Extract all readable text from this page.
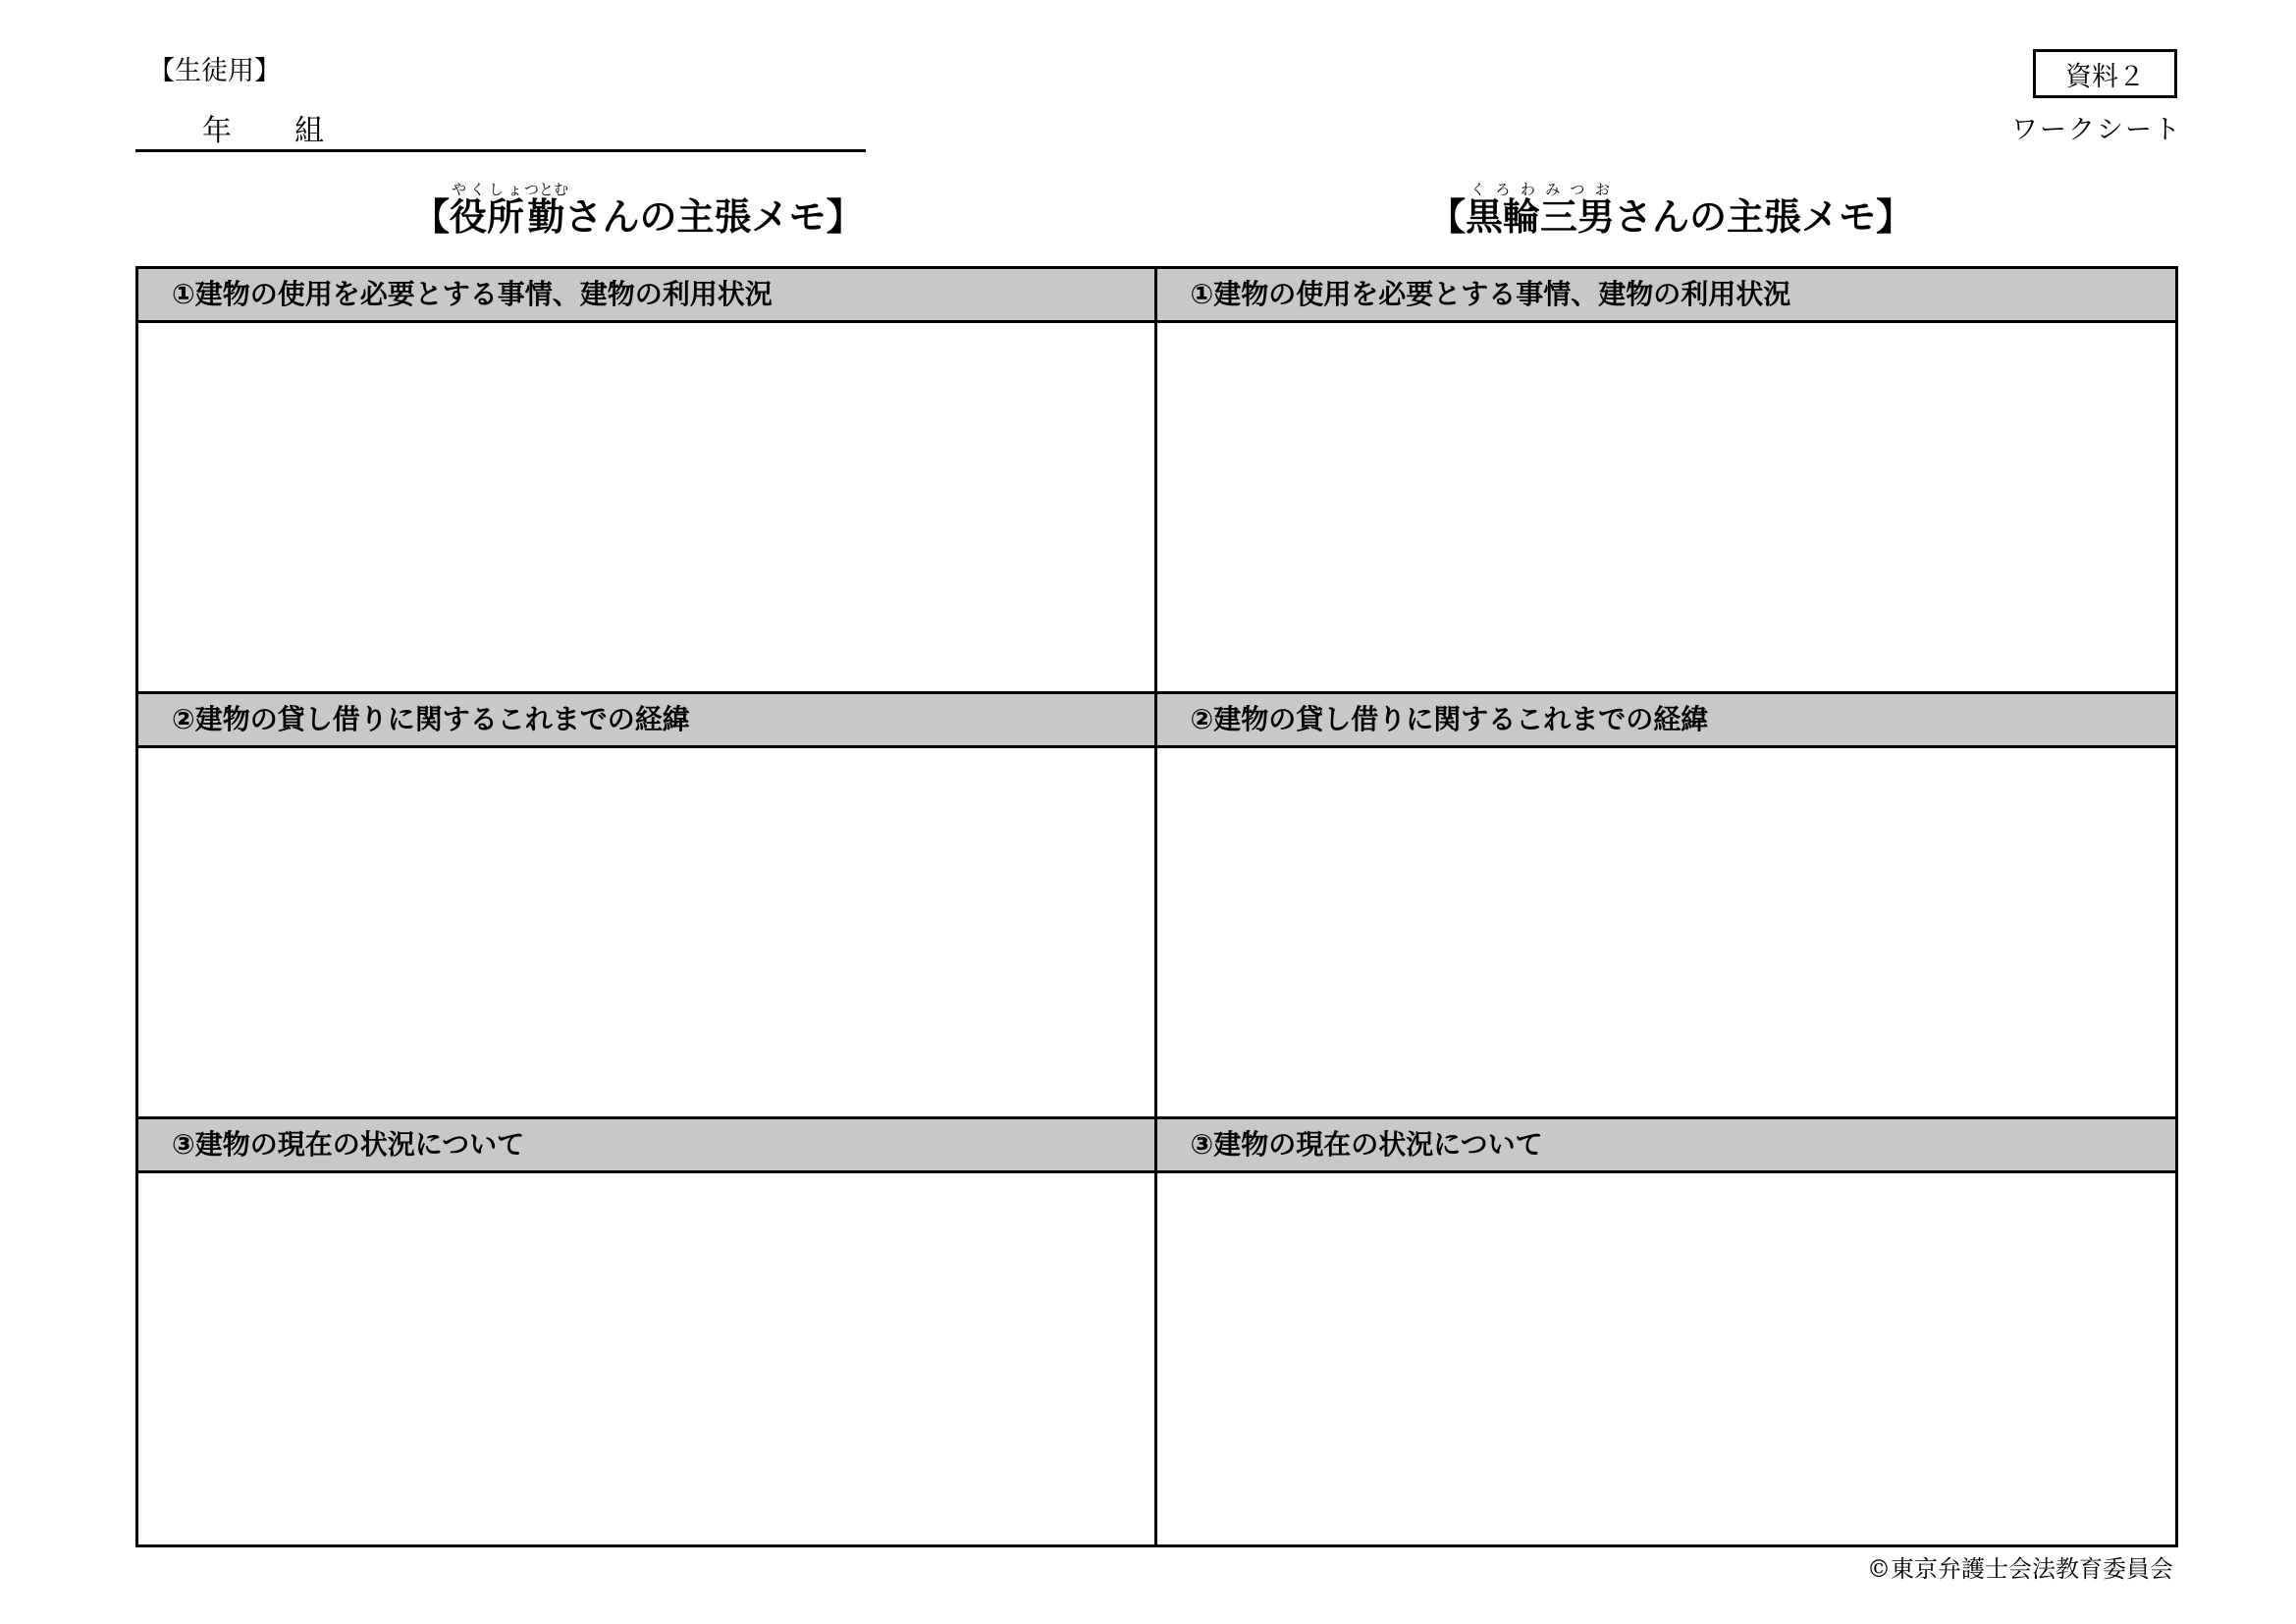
【生徒用】
年 組
資料２
ワークシート
【役所やくしょ勤つとむさんの主張メモ】	【黒輪くろわ三男みつおさんの主張メモ】
①建物の使用を必要とする事情、建物の利用状況	①建物の使用を必要とする事情、建物の利用状況
②建物の貸し借りに関するこれまでの経緯	②建物の貸し借りに関するこれまでの経緯
③建物の現在の状況について	③建物の現在の状況について
©東京弁護士会法教育委員会
